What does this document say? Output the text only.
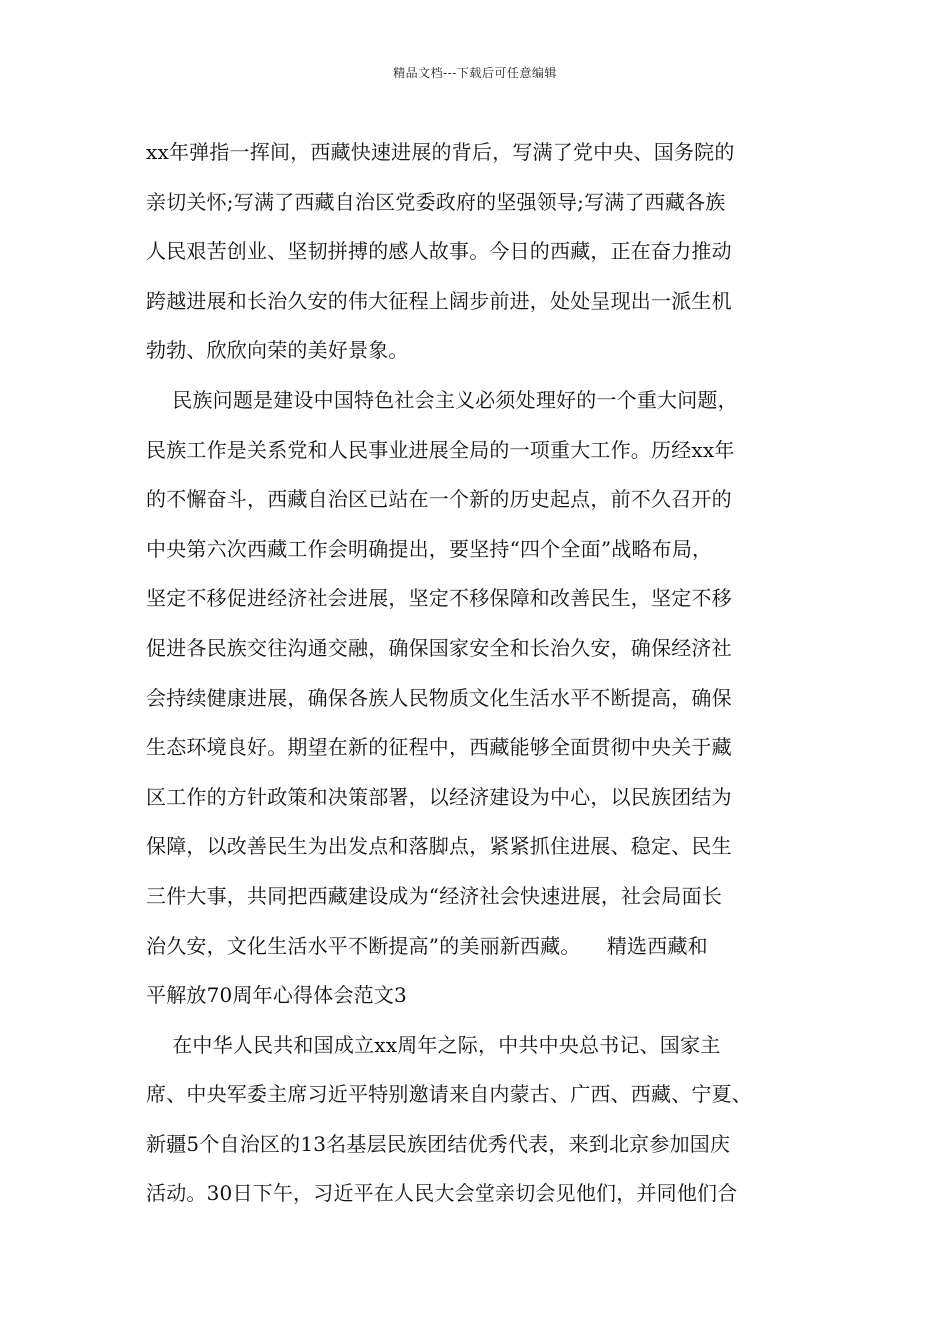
精品文档---下载后可任意编辑
xx年弹指一挥间，西藏快速进展的背后，写满了党中央、国务院的
亲切关怀;写满了西藏自治区党委政府的坚强领导;写满了西藏各族
人民艰苦创业、坚韧拼搏的感人故事。今日的西藏，正在奋力推动
跨越进展和长治久安的伟大征程上阔步前进，处处呈现出一派生机
勃勃、欣欣向荣的美好景象。
民族问题是建设中国特色社会主义必须处理好的一个重大问题，
民族工作是关系党和人民事业进展全局的一项重大工作。历经xx年
的不懈奋斗，西藏自治区已站在一个新的历史起点，前不久召开的
中央第六次西藏工作会明确提出，要坚持“四个全面”战略布局，
坚定不移促进经济社会进展，坚定不移保障和改善民生，坚定不移
促进各民族交往沟通交融，确保国家安全和长治久安，确保经济社
会持续健康进展，确保各族人民物质文化生活水平不断提高，确保
生态环境良好。期望在新的征程中，西藏能够全面贯彻中央关于藏
区工作的方针政策和决策部署，以经济建设为中心，以民族团结为
保障，以改善民生为出发点和落脚点，紧紧抓住进展、稳定、民生
三件大事，共同把西藏建设成为“经济社会快速进展，社会局面长
治久安，文化生活水平不断提高”的美丽新西藏。    精选西藏和
平解放70周年心得体会范文3
在中华人民共和国成立xx周年之际，中共中央总书记、国家主
席、中央军委主席习近平特别邀请来自内蒙古、广西、西藏、宁夏、
新疆5个自治区的13名基层民族团结优秀代表，来到北京参加国庆
活动。30日下午，习近平在人民大会堂亲切会见他们，并同他们合
